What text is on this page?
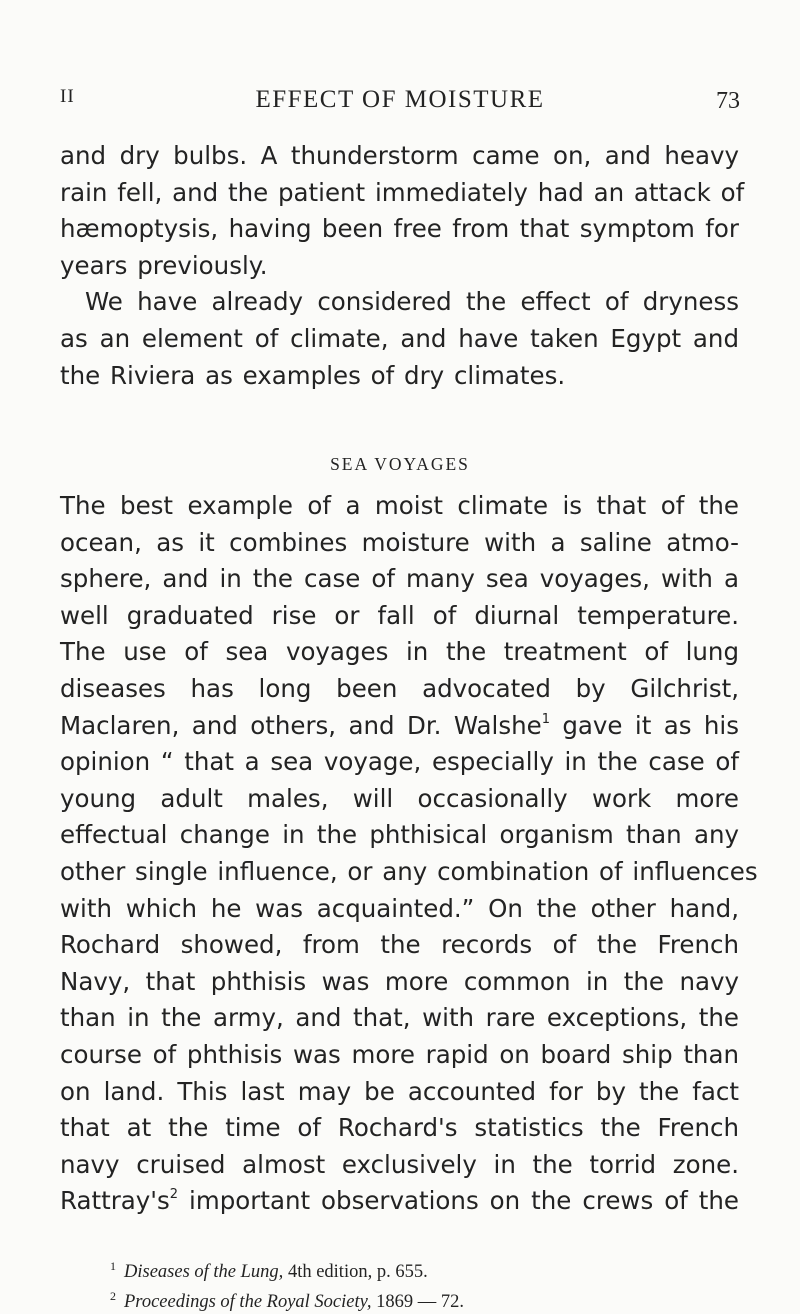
II	EFFECT OF MOISTURE	73
and dry bulbs. A thunderstorm came on, and heavy
rain fell, and the patient immediately had an attack of
hæmoptysis, having been free from that symptom for
years previously.
We have already considered the effect of dryness
as an element of climate, and have taken Egypt and
the Riviera as examples of dry climates.
SEA VOYAGES
The best example of a moist climate is that of the
ocean, as it combines moisture with a saline atmo-
sphere, and in the case of many sea voyages, with a
well graduated rise or fall of diurnal temperature.
The use of sea voyages in the treatment of lung
diseases has long been advocated by Gilchrist,
Maclaren, and others, and Dr. Walshe$^1$ gave it as his
opinion “ that a sea voyage, especially in the case of
young adult males, will occasionally work more
effectual change in the phthisical organism than any
other single influence, or any combination of influences
with which he was acquainted.” On the other hand,
Rochard showed, from the records of the French
Navy, that phthisis was more common in the navy
than in the army, and that, with rare exceptions, the
course of phthisis was more rapid on board ship than
on land. This last may be accounted for by the fact
that at the time of Rochard's statistics the French
navy cruised almost exclusively in the torrid zone.
$Rattray's^2$ important observations on the crews of the
$^1$ Diseases of the Lung, 4th edition, p. 655.
$^2$ Proceedings of the Royal Society, 1869 — 72.
